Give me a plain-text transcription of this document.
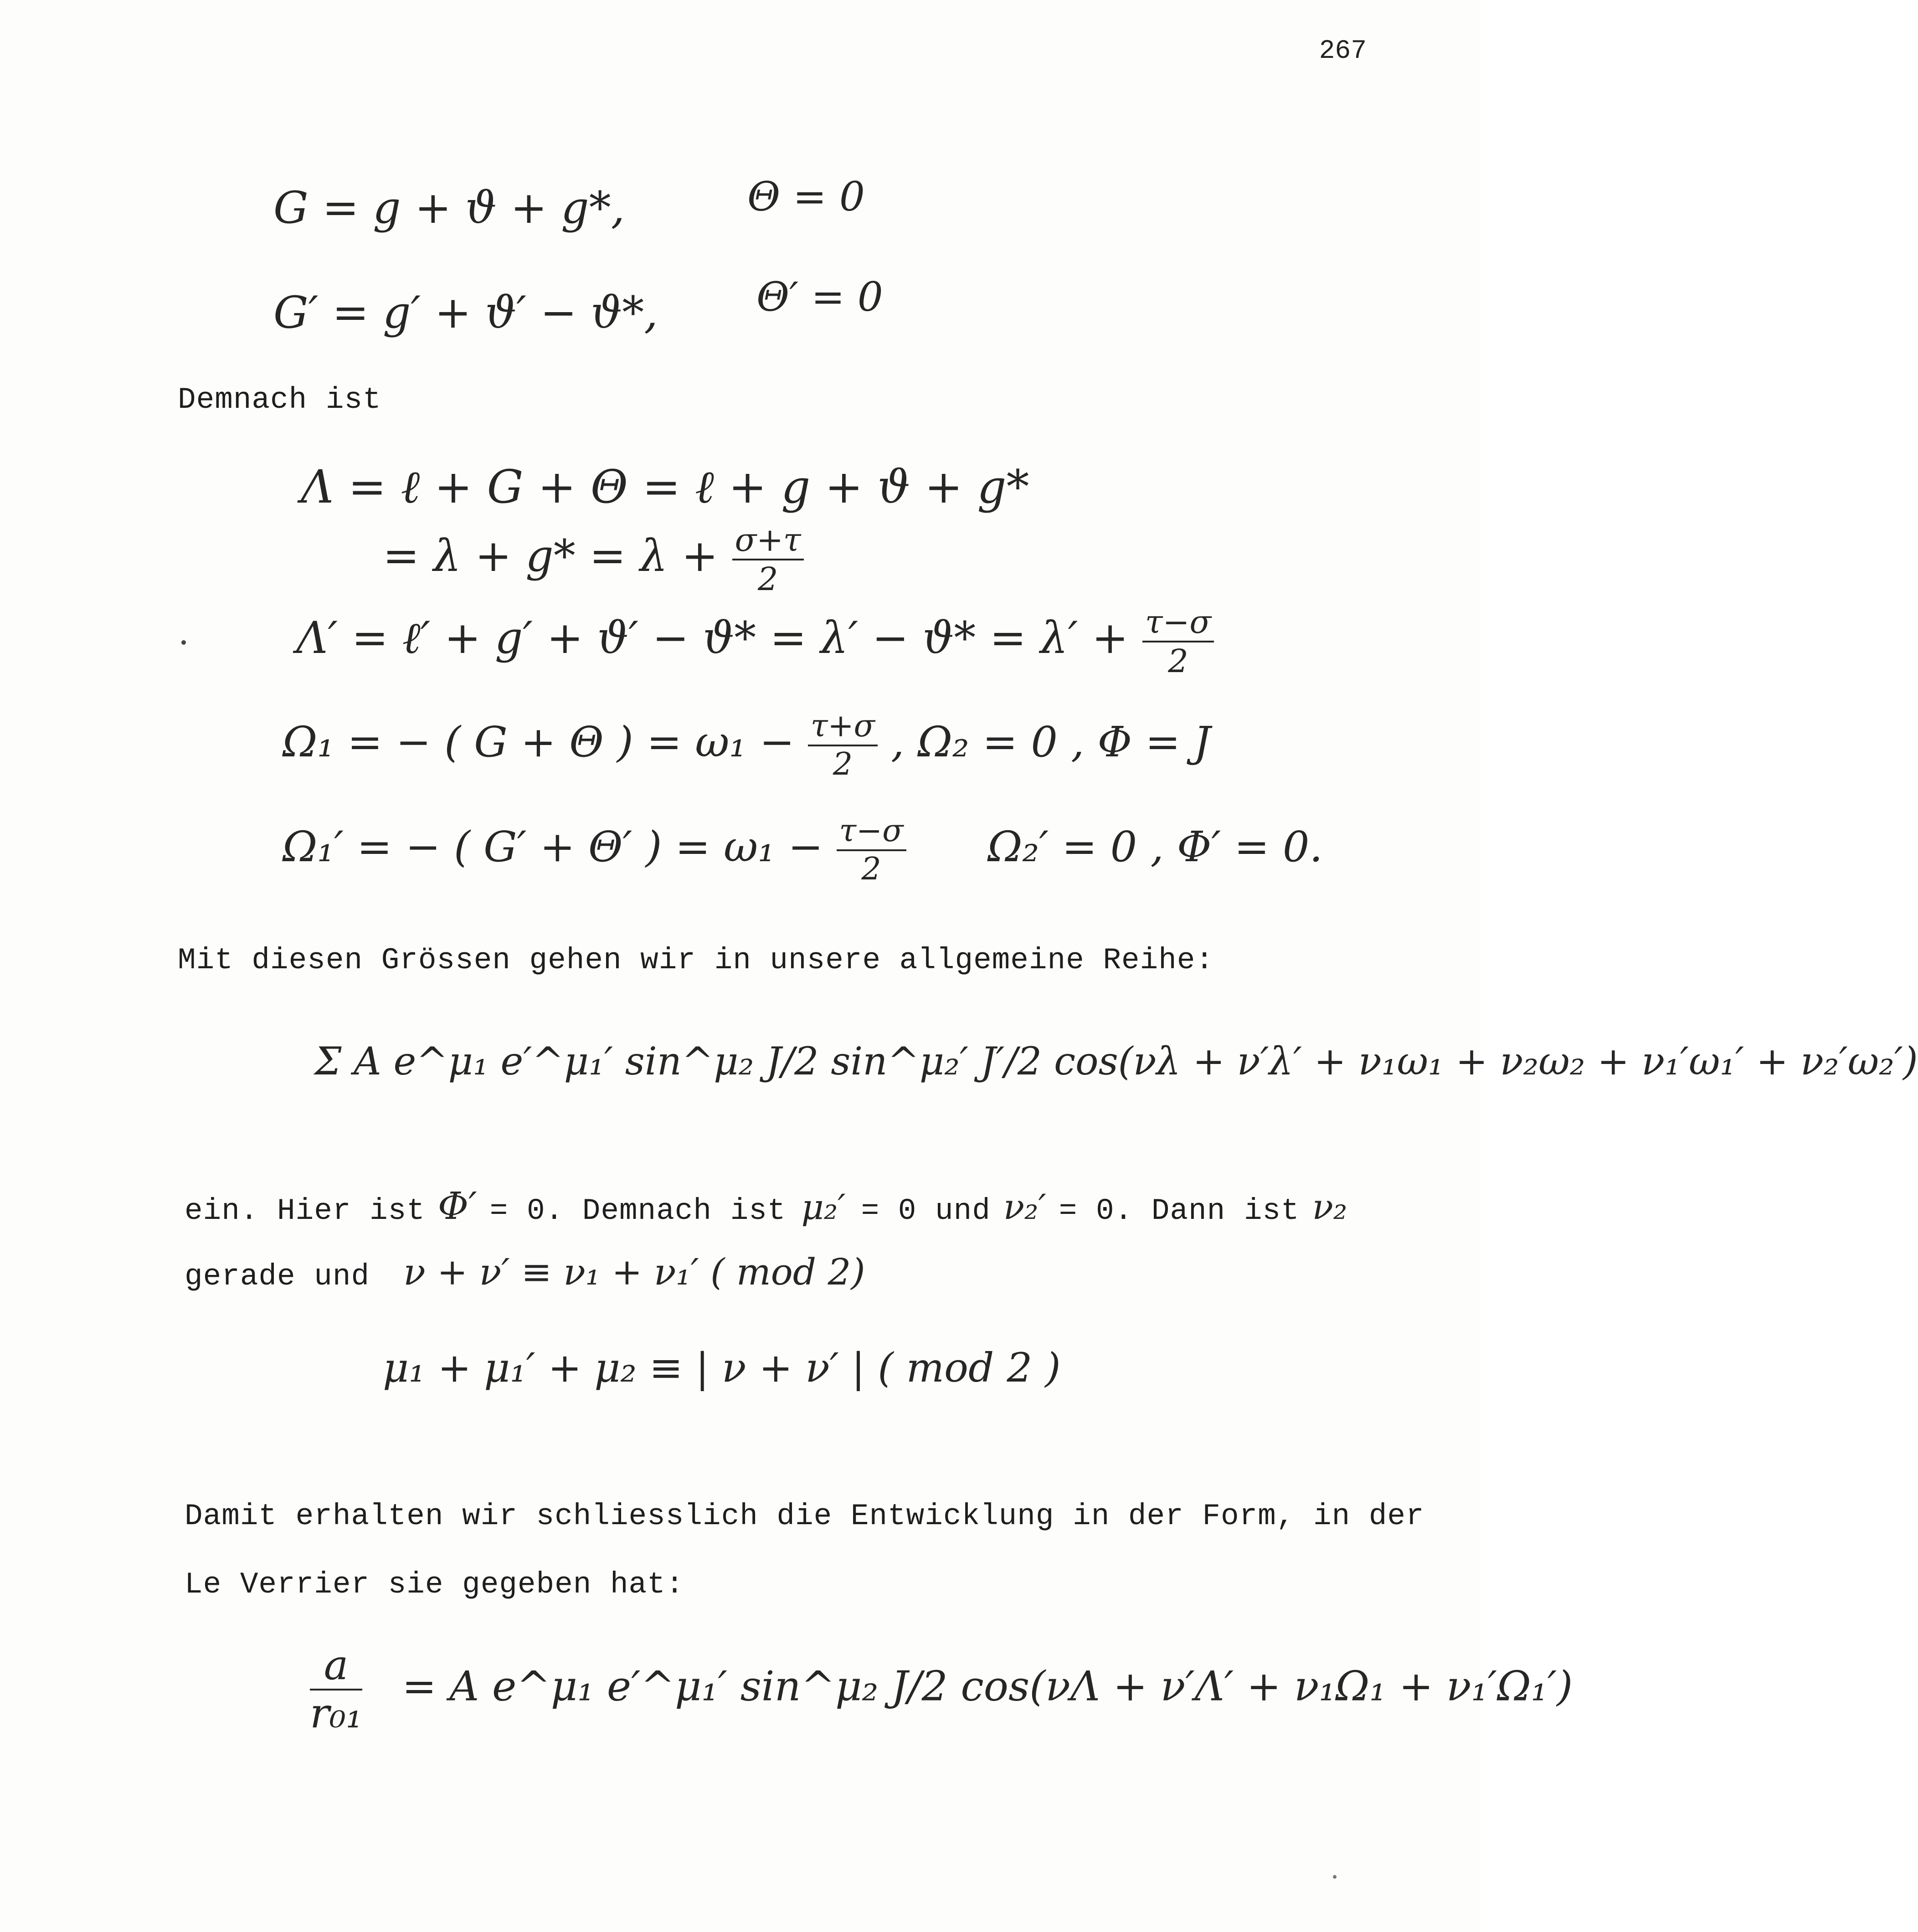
267
G = g + ϑ + g*,	Θ = 0
G′ = g′ + ϑ′ − ϑ*, Θ′ = 0
Demnach ist
Λ = ℓ + G + Θ = ℓ + g + ϑ + g*
= $\lambda + g* = \lambda + \frac{\sigma+\tau}{2}$
Λ′ = ℓ′ + $g' + ϑ' - ϑ* = \lambda' - ϑ* = \lambda' + \frac{\tau-\sigma}{2}$
Ω₁ = − ( G + Θ ) = $\omega_1 - \frac{\tau+\sigma}{2}$ , Ω₂ = 0 , Φ = J
Ω₁′ = − ( G′ + Θ′ ) = $\omega_1 - \frac{\tau-\sigma}{2} \Omega_2' = 0$ , Φ′ = 0.
Mit diesen Grössen gehen wir in unsere allgemeine Reihe:
Σ A e^μ₁ e′^μ₁′ sin^μ₂ J/2 sin^μ₂′ J′/2 cos(νλ + ν′λ′ + ν₁ω₁ + ν₂ω₂ + ν₁′ω₁′ + ν₂′ω₂′)
ein. Hier ist Φ′ = 0. Demnach ist μ₂′ = 0 und ν₂′ = 0. Dann ist ν₂
gerade und ν + ν′ ≡ ν₁ + ν₁′ ( mod 2)
μ₁ + μ₁′ + μ₂ ≡ | ν + ν′ | ( mod 2 )
Damit erhalten wir schliesslich die Entwicklung in der Form, in der
Le Verrier sie gegeben hat:
$\frac{a}{\text{r₀₁}} = A$ e^μ₁ e′^μ₁′ sin^μ₂ J/2 cos(νΛ + ν′Λ′ + ν₁Ω₁ + ν₁′Ω₁′)
